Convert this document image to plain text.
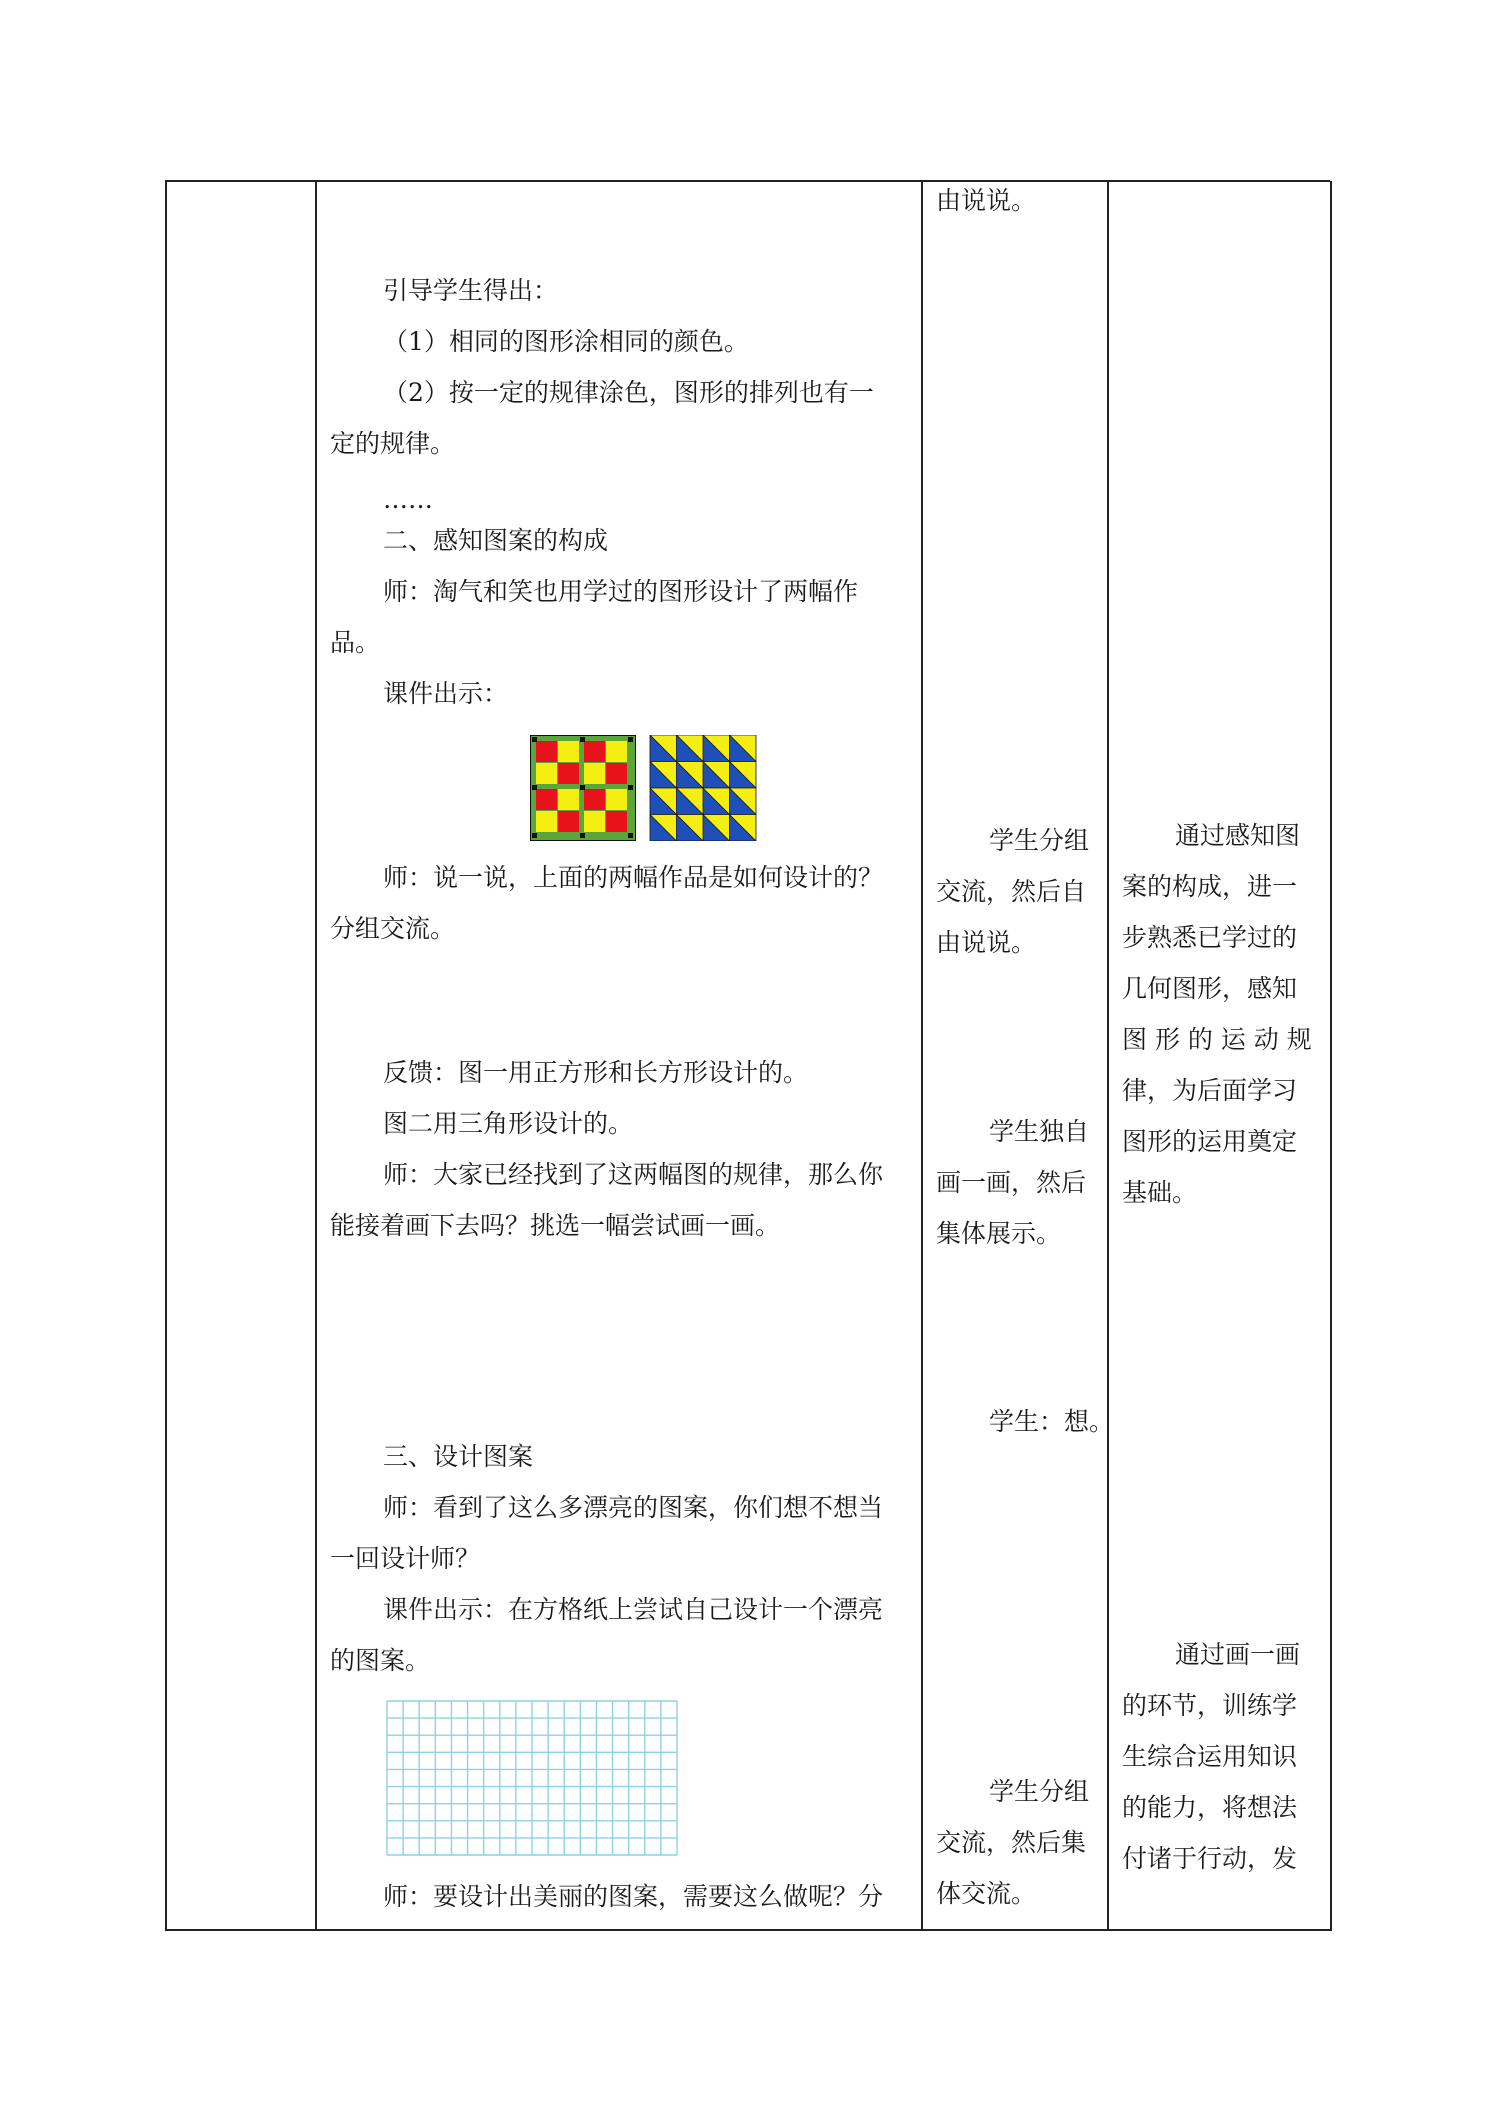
引导学生得出：
（1）相同的图形涂相同的颜色。
（2）按一定的规律涂色，图形的排列也有一
定的规律。
……
二、感知图案的构成
师：淘气和笑也用学过的图形设计了两幅作
品。
课件出示：
师：说一说，上面的两幅作品是如何设计的？
分组交流。
反馈：图一用正方形和长方形设计的。
图二用三角形设计的。
师：大家已经找到了这两幅图的规律，那么你
能接着画下去吗？挑选一幅尝试画一画。
三、设计图案
师：看到了这么多漂亮的图案，你们想不想当
一回设计师？
课件出示：在方格纸上尝试自己设计一个漂亮
的图案。
师：要设计出美丽的图案，需要这么做呢？分
由说说。
学生分组
交流，然后自
由说说。
学生独自
画一画，然后
集体展示。
学生：想。
学生分组
交流，然后集
体交流。
通过感知图
案的构成，进一
步熟悉已学过的
几何图形，感知
图 形 的 运 动 规
律，为后面学习
图形的运用奠定
基础。
通过画一画
的环节，训练学
生综合运用知识
的能力，将想法
付诸于行动，发
